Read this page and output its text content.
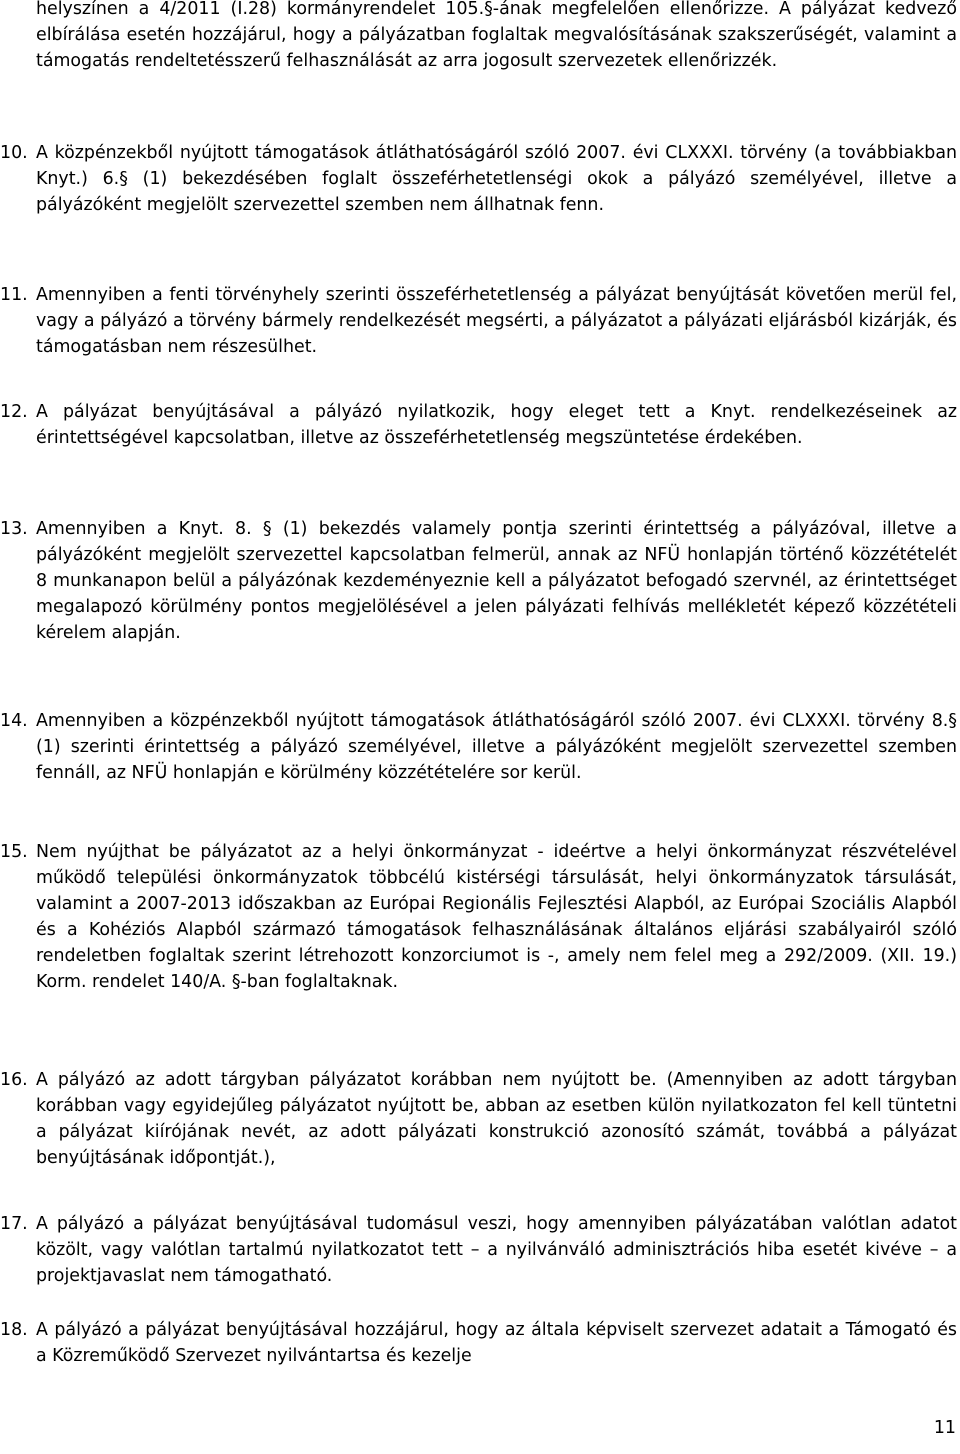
helyszínen a 4/2011 (I.28) kormányrendelet 105.§-ának megfelelően ellenőrizze. A pályázat kedvező elbírálása esetén hozzájárul, hogy a pályázatban foglaltak megvalósításának szakszerűségét, valamint a támogatás rendeltetésszerű felhasználását az arra jogosult szervezetek ellenőrizzék.

10. A közpénzekből nyújtott támogatások átláthatóságáról szóló 2007. évi CLXXXI. törvény (a továbbiakban Knyt.) 6.§ (1) bekezdésében foglalt összeférhetetlenségi okok a pályázó személyével, illetve a pályázóként megjelölt szervezettel szemben nem állhatnak fenn.
11. Amennyiben a fenti törvényhely szerinti összeférhetetlenség a pályázat benyújtását követően merül fel, vagy a pályázó a törvény bármely rendelkezését megsérti, a pályázatot a pályázati eljárásból kizárják, és támogatásban nem részesülhet.
12. A pályázat benyújtásával a pályázó nyilatkozik, hogy eleget tett a Knyt. rendelkezéseinek az érintettségével kapcsolatban, illetve az összeférhetetlenség megszüntetése érdekében.
13. Amennyiben a Knyt. 8. § (1) bekezdés valamely pontja szerinti érintettség a pályázóval, illetve a pályázóként megjelölt szervezettel kapcsolatban felmerül, annak az NFÜ honlapján történő közzétételét 8 munkanapon belül a pályázónak kezdeményeznie kell a pályázatot befogadó szervnél, az érintettséget megalapozó körülmény pontos megjelölésével a jelen pályázati felhívás mellékletét képező közzétételi kérelem alapján.
14. Amennyiben a közpénzekből nyújtott támogatások átláthatóságáról szóló 2007. évi CLXXXI. törvény 8.§ (1) szerinti érintettség a pályázó személyével, illetve a pályázóként megjelölt szervezettel szemben fennáll, az NFÜ honlapján e körülmény közzétételére sor kerül.
15. Nem nyújthat be pályázatot az a helyi önkormányzat - ideértve a helyi önkormányzat részvételével működő települési önkormányzatok többcélú kistérségi társulását, helyi önkormányzatok társulását, valamint a 2007-2013 időszakban az Európai Regionális Fejlesztési Alapból, az Európai Szociális Alapból és a Kohéziós Alapból származó támogatások felhasználásának általános eljárási szabályairól szóló rendeletben foglaltak szerint létrehozott konzorciumot is -, amely nem felel meg a 292/2009. (XII. 19.) Korm. rendelet 140/A. §-ban foglaltaknak.
16. A pályázó az adott tárgyban pályázatot korábban nem nyújtott be. (Amennyiben az adott tárgyban korábban vagy egyidejűleg pályázatot nyújtott be, abban az esetben külön nyilatkozaton fel kell tüntetni a pályázat kiírójának nevét, az adott pályázati konstrukció azonosító számát, továbbá a pályázat benyújtásának időpontját.),
17. A pályázó a pályázat benyújtásával tudomásul veszi, hogy amennyiben pályázatában valótlan adatot közölt, vagy valótlan tartalmú nyilatkozatot tett – a nyilvánváló adminisztrációs hiba esetét kivéve – a projektjavaslat nem támogatható.
18. A pályázó a pályázat benyújtásával hozzájárul, hogy az általa képviselt szervezet adatait a Támogató és a Közreműködő Szervezet nyilvántartsa és kezelje
11
